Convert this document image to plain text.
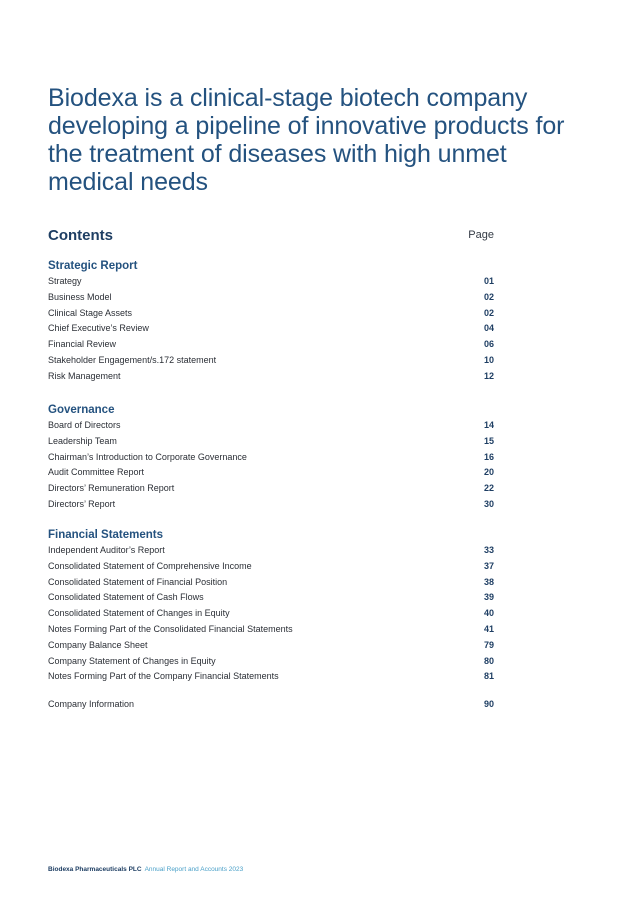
Biodexa is a clinical-stage biotech company developing a pipeline of innovative products for the treatment of diseases with high unmet medical needs
Contents	Page
Strategic Report
Strategy	01
Business Model	02
Clinical Stage Assets	02
Chief Executive’s Review	04
Financial Review	06
Stakeholder Engagement/s.172 statement	10
Risk Management	12
Governance
Board of Directors	14
Leadership Team	15
Chairman’s Introduction to Corporate Governance	16
Audit Committee Report	20
Directors’ Remuneration Report	22
Directors’ Report	30
Financial Statements
Independent Auditor’s Report	33
Consolidated Statement of Comprehensive Income	37
Consolidated Statement of Financial Position	38
Consolidated Statement of Cash Flows	39
Consolidated Statement of Changes in Equity	40
Notes Forming Part of the Consolidated Financial Statements	41
Company Balance Sheet	79
Company Statement of Changes in Equity	80
Notes Forming Part of the Company Financial Statements	81
Company Information	90
Biodexa Pharmaceuticals PLC Annual Report and Accounts 2023
